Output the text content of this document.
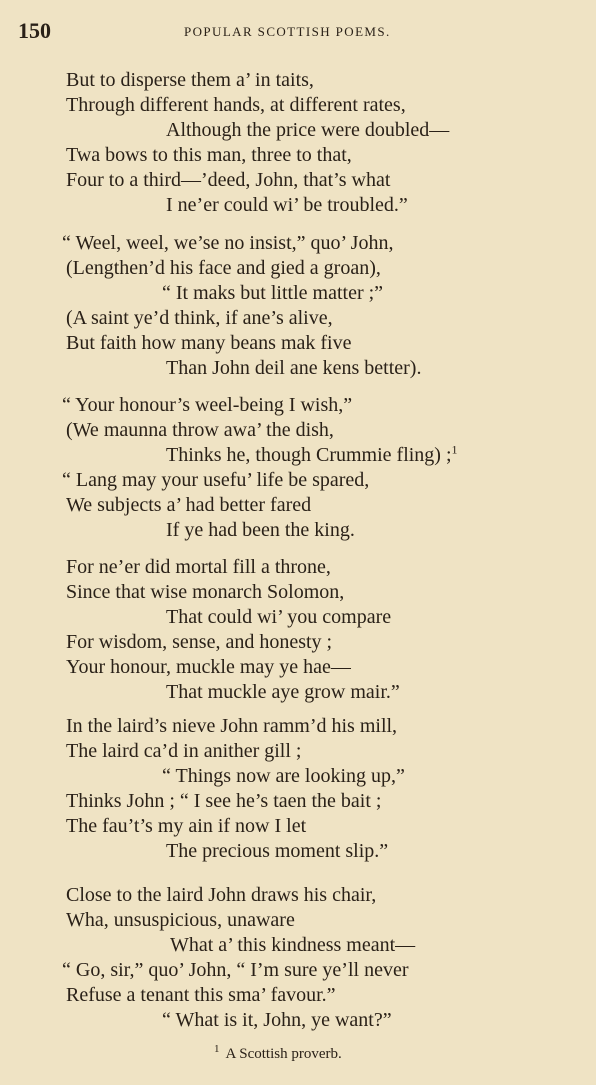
150	POPULAR SCOTTISH POEMS.
But to disperse them a’ in taits,
Through different hands, at different rates,
Although the price were doubled—
Twa bows to this man, three to that,
Four to a third—’deed, John, that’s what
I ne’er could wi’ be troubled.”
“ Weel, weel, we’se no insist,” quo’ John,
(Lengthen’d his face and gied a groan),
“ It maks but little matter ;”
(A saint ye’d think, if ane’s alive,
But faith how many beans mak five
Than John deil ane kens better).
“ Your honour’s weel-being I wish,”
(We maunna throw awa’ the dish,
Thinks he, though Crummie fling) ;$^1$
“ Lang may your usefu’ life be spared,
We subjects a’ had better fared
If ye had been the king.
For ne’er did mortal fill a throne,
Since that wise monarch Solomon,
That could wi’ you compare
For wisdom, sense, and honesty ;
Your honour, muckle may ye hae—
That muckle aye grow mair.”
In the laird’s nieve John ramm’d his mill,
The laird ca’d in anither gill ;
“ Things now are looking up,”
Thinks John ; “ I see he’s taen the bait ;
The fau’t’s my ain if now I let
The precious moment slip.”
Close to the laird John draws his chair,
Wha, unsuspicious, unaware
What a’ this kindness meant—
“ Go, sir,” quo’ John, “ I’m sure ye’ll never
Refuse a tenant this sma’ favour.”
“ What is it, John, ye want?”
$^1$ A Scottish proverb.
